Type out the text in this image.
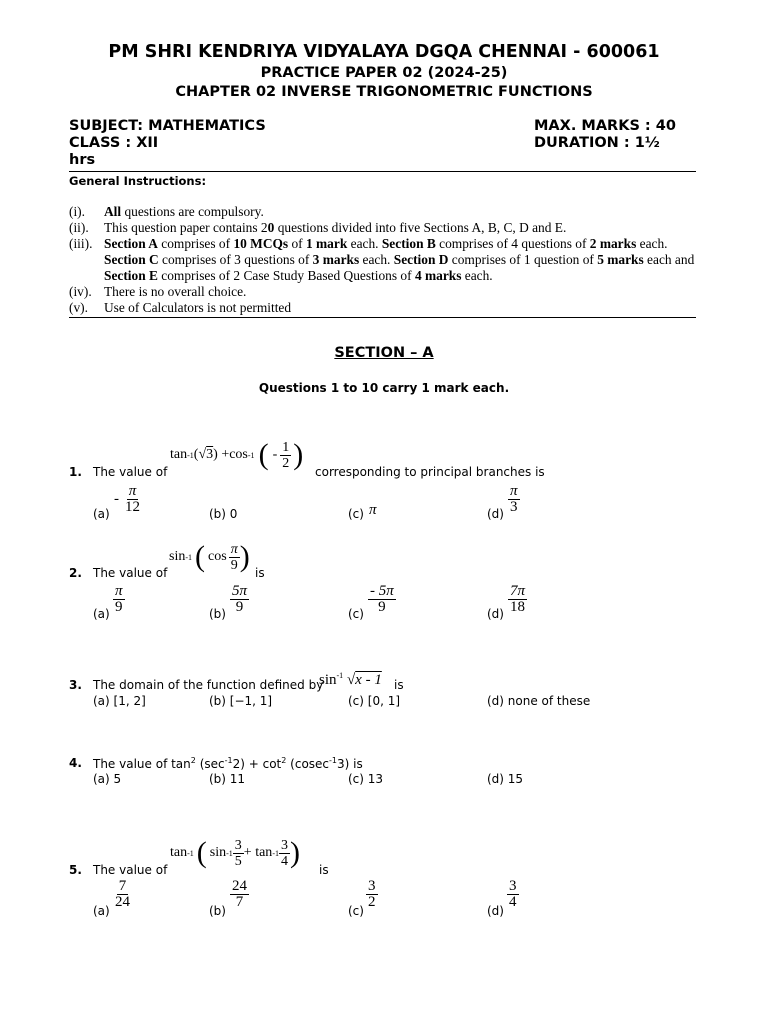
PM SHRI KENDRIYA VIDYALAYA DGQA CHENNAI - 600061
PRACTICE PAPER 02 (2024-25)
CHAPTER 02 INVERSE TRIGONOMETRIC FUNCTIONS
SUBJECT: MATHEMATICS	MAX. MARKS : 40
CLASS : XII	DURATION : 1½
hrs
General Instructions:
(i).	All questions are compulsory.
(ii).	This question paper contains 20 questions divided into five Sections A, B, C, D and E.
(iii). Section A comprises of 10 MCQs of 1 mark each. Section B comprises of 4 questions of 2 marks each. Section C comprises of 3 questions of 3 marks each. Section D comprises of 1 question of 5 marks each and Section E comprises of 2 Case Study Based Questions of 4 marks each.
(iv). There is no overall choice.
(v).	Use of Calculators is not permitted
SECTION – A
Questions 1 to 10 carry 1 mark each.
1. The value of
tan -1 (√ 3 ) + cos -1 ( - $\frac{1}{2}$ )
corresponding to principal branches is
(a)
- $\frac{\pi}{12}$	(b) 0	(c) π	$(d) \frac{\pi}{3}$
2. The value of
sin -1 ( $\cos \frac{\pi}{9}$ ) is
$(a) \frac{\pi}{9}$	$(b) \frac{5\pi}{9}$	$(c) \frac{- 5\pi}{9}$	$(d) \frac{7\pi}{18}$
3. The domain of the function defined by
$\sin^{-1} √x - 1$ is
(a) [1, 2]	(b) [−1, 1]	(c) [0, 1]	(d) none of these
4. The value of $\tan^2 (\sec^{-1}2) + \cot^2 (cosec^{-1}3)$ is
(a) 5	(b) 11	(c) 13	(d) 15
5. The value of
tan -1 ( $\sin -1 \frac{3}{5}$ +
$\tan -1 \frac{3}{4}$ )
is
(a)
$\frac{7}{24}$
(b)
$\frac{24}{7}$
(c)
$\frac{3}{2}$
(d)
$\frac{3}{4}$
